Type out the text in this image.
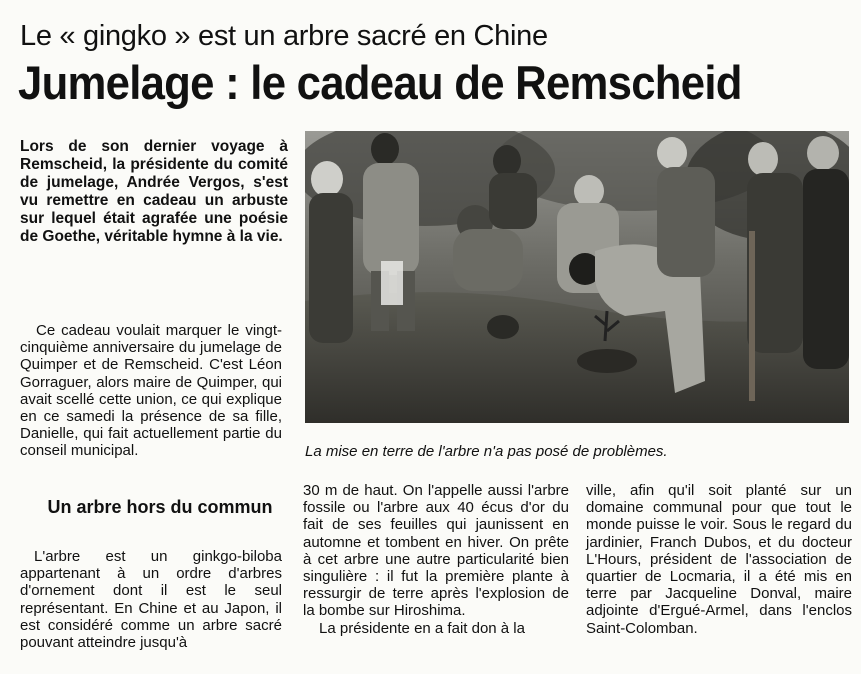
Le « gingko » est un arbre sacré en Chine
Jumelage : le cadeau de Remscheid
Lors de son dernier voyage à Remscheid, la présidente du comité de jumelage, Andrée Vergos, s'est vu remettre en cadeau un arbuste sur lequel était agrafée une poésie de Goethe, véritable hymne à la vie.

Ce cadeau voulait marquer le vingt-cinquième anniversaire du jumelage de Quimper et de Remscheid. C'est Léon Gorraguer, alors maire de Quimper, qui avait scellé cette union, ce qui explique en ce samedi la présence de sa fille, Danielle, qui fait actuellement partie du conseil municipal.

Un arbre hors du commun

L'arbre est un ginkgo-biloba appartenant à un ordre d'arbres d'ornement dont il est le seul représentant. En Chine et au Japon, il est considéré comme un arbre sacré pouvant atteindre jusqu'à

30 m de haut. On l'appelle aussi l'arbre fossile ou l'arbre aux 40 écus d'or du fait de ses feuilles qui jaunissent en automne et tombent en hiver. On prête à cet arbre une autre particularité bien singulière : il fut la première plante à ressurgir de terre après l'explosion de la bombe sur Hiroshima.

La présidente en a fait don à la

ville, afin qu'il soit planté sur un domaine communal pour que tout le monde puisse le voir. Sous le regard du jardinier, Franch Dubos, et du docteur L'Hours, président de l'association de quartier de Locmaria, il a été mis en terre par Jacqueline Donval, maire adjointe d'Ergué-Armel, dans l'enclos Saint-Colomban.

La mise en terre de l'arbre n'a pas posé de problèmes.
